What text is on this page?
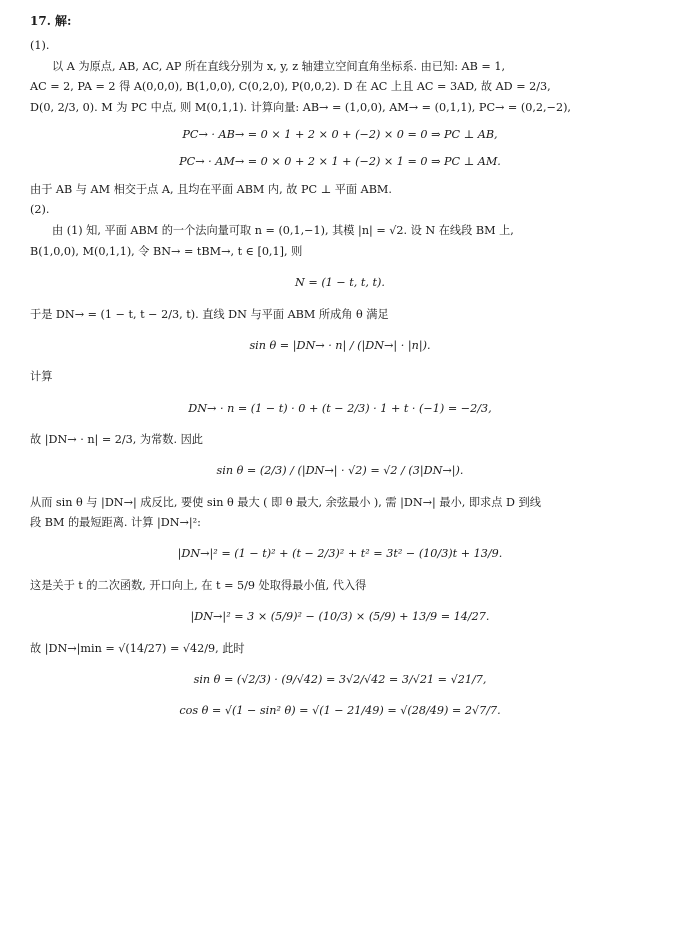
17. 解:
(1).
以 A 为原点, AB, AC, AP 所在直线分别为 x, y, z 轴建立空间直角坐标系. 由已知: AB = 1,
AC = 2, PA = 2 得 A(0,0,0), B(1,0,0), C(0,2,0), P(0,0,2). D 在 AC 上且 AC = 3AD, 故 AD = 2/3,
D(0, 2/3, 0). M 为 PC 中点, 则 M(0,1,1). 计算向量: AB→ = (1,0,0), AM→ = (0,1,1), PC→ = (0,2,−2),
PC→ · AB→ = 0 × 1 + 2 × 0 + (−2) × 0 = 0 ⇒ PC ⊥ AB,
PC→ · AM→ = 0 × 0 + 2 × 1 + (−2) × 1 = 0 ⇒ PC ⊥ AM.
由于 AB 与 AM 相交于点 A, 且均在平面 ABM 内, 故 PC ⊥ 平面 ABM.
(2).
由 (1) 知, 平面 ABM 的一个法向量可取 n = (0,1,−1), 其模 |n| = √2. 设 N 在线段 BM 上,
B(1,0,0), M(0,1,1), 令 BN→ = tBM→, t ∈ [0,1], 则
N = (1 − t, t, t).
于是 DN→ = (1 − t, t − 2/3, t). 直线 DN 与平面 ABM 所成角 θ 满足
sin θ = |DN→ · n| / (|DN→| · |n|).
计算
DN→ · n = (1 − t) · 0 + (t − 2/3) · 1 + t · (−1) = −2/3,
故 |DN→ · n| = 2/3, 为常数. 因此
sin θ = (2/3) / (|DN→| · √2) = √2 / (3|DN→|).
从而 sin θ 与 |DN→| 成反比, 要使 sin θ 最大 ( 即 θ 最大, 余弦最小 ), 需 |DN→| 最小, 即求点 D 到线
段 BM 的最短距离. 计算 |DN→|²:
|DN→|² = (1 − t)² + (t − 2/3)² + t² = 3t² − (10/3)t + 13/9.
这是关于 t 的二次函数, 开口向上, 在 t = 5/9 处取得最小值, 代入得
|DN→|² = 3 × (5/9)² − (10/3) × (5/9) + 13/9 = 14/27.
故 |DN→|min = √(14/27) = √42/9, 此时
sin θ = (√2/3) · (9/√42) = 3√2/√42 = 3/√21 = √21/7,
cos θ = √(1 − sin² θ) = √(1 − 21/49) = √(28/49) = 2√7/7.
